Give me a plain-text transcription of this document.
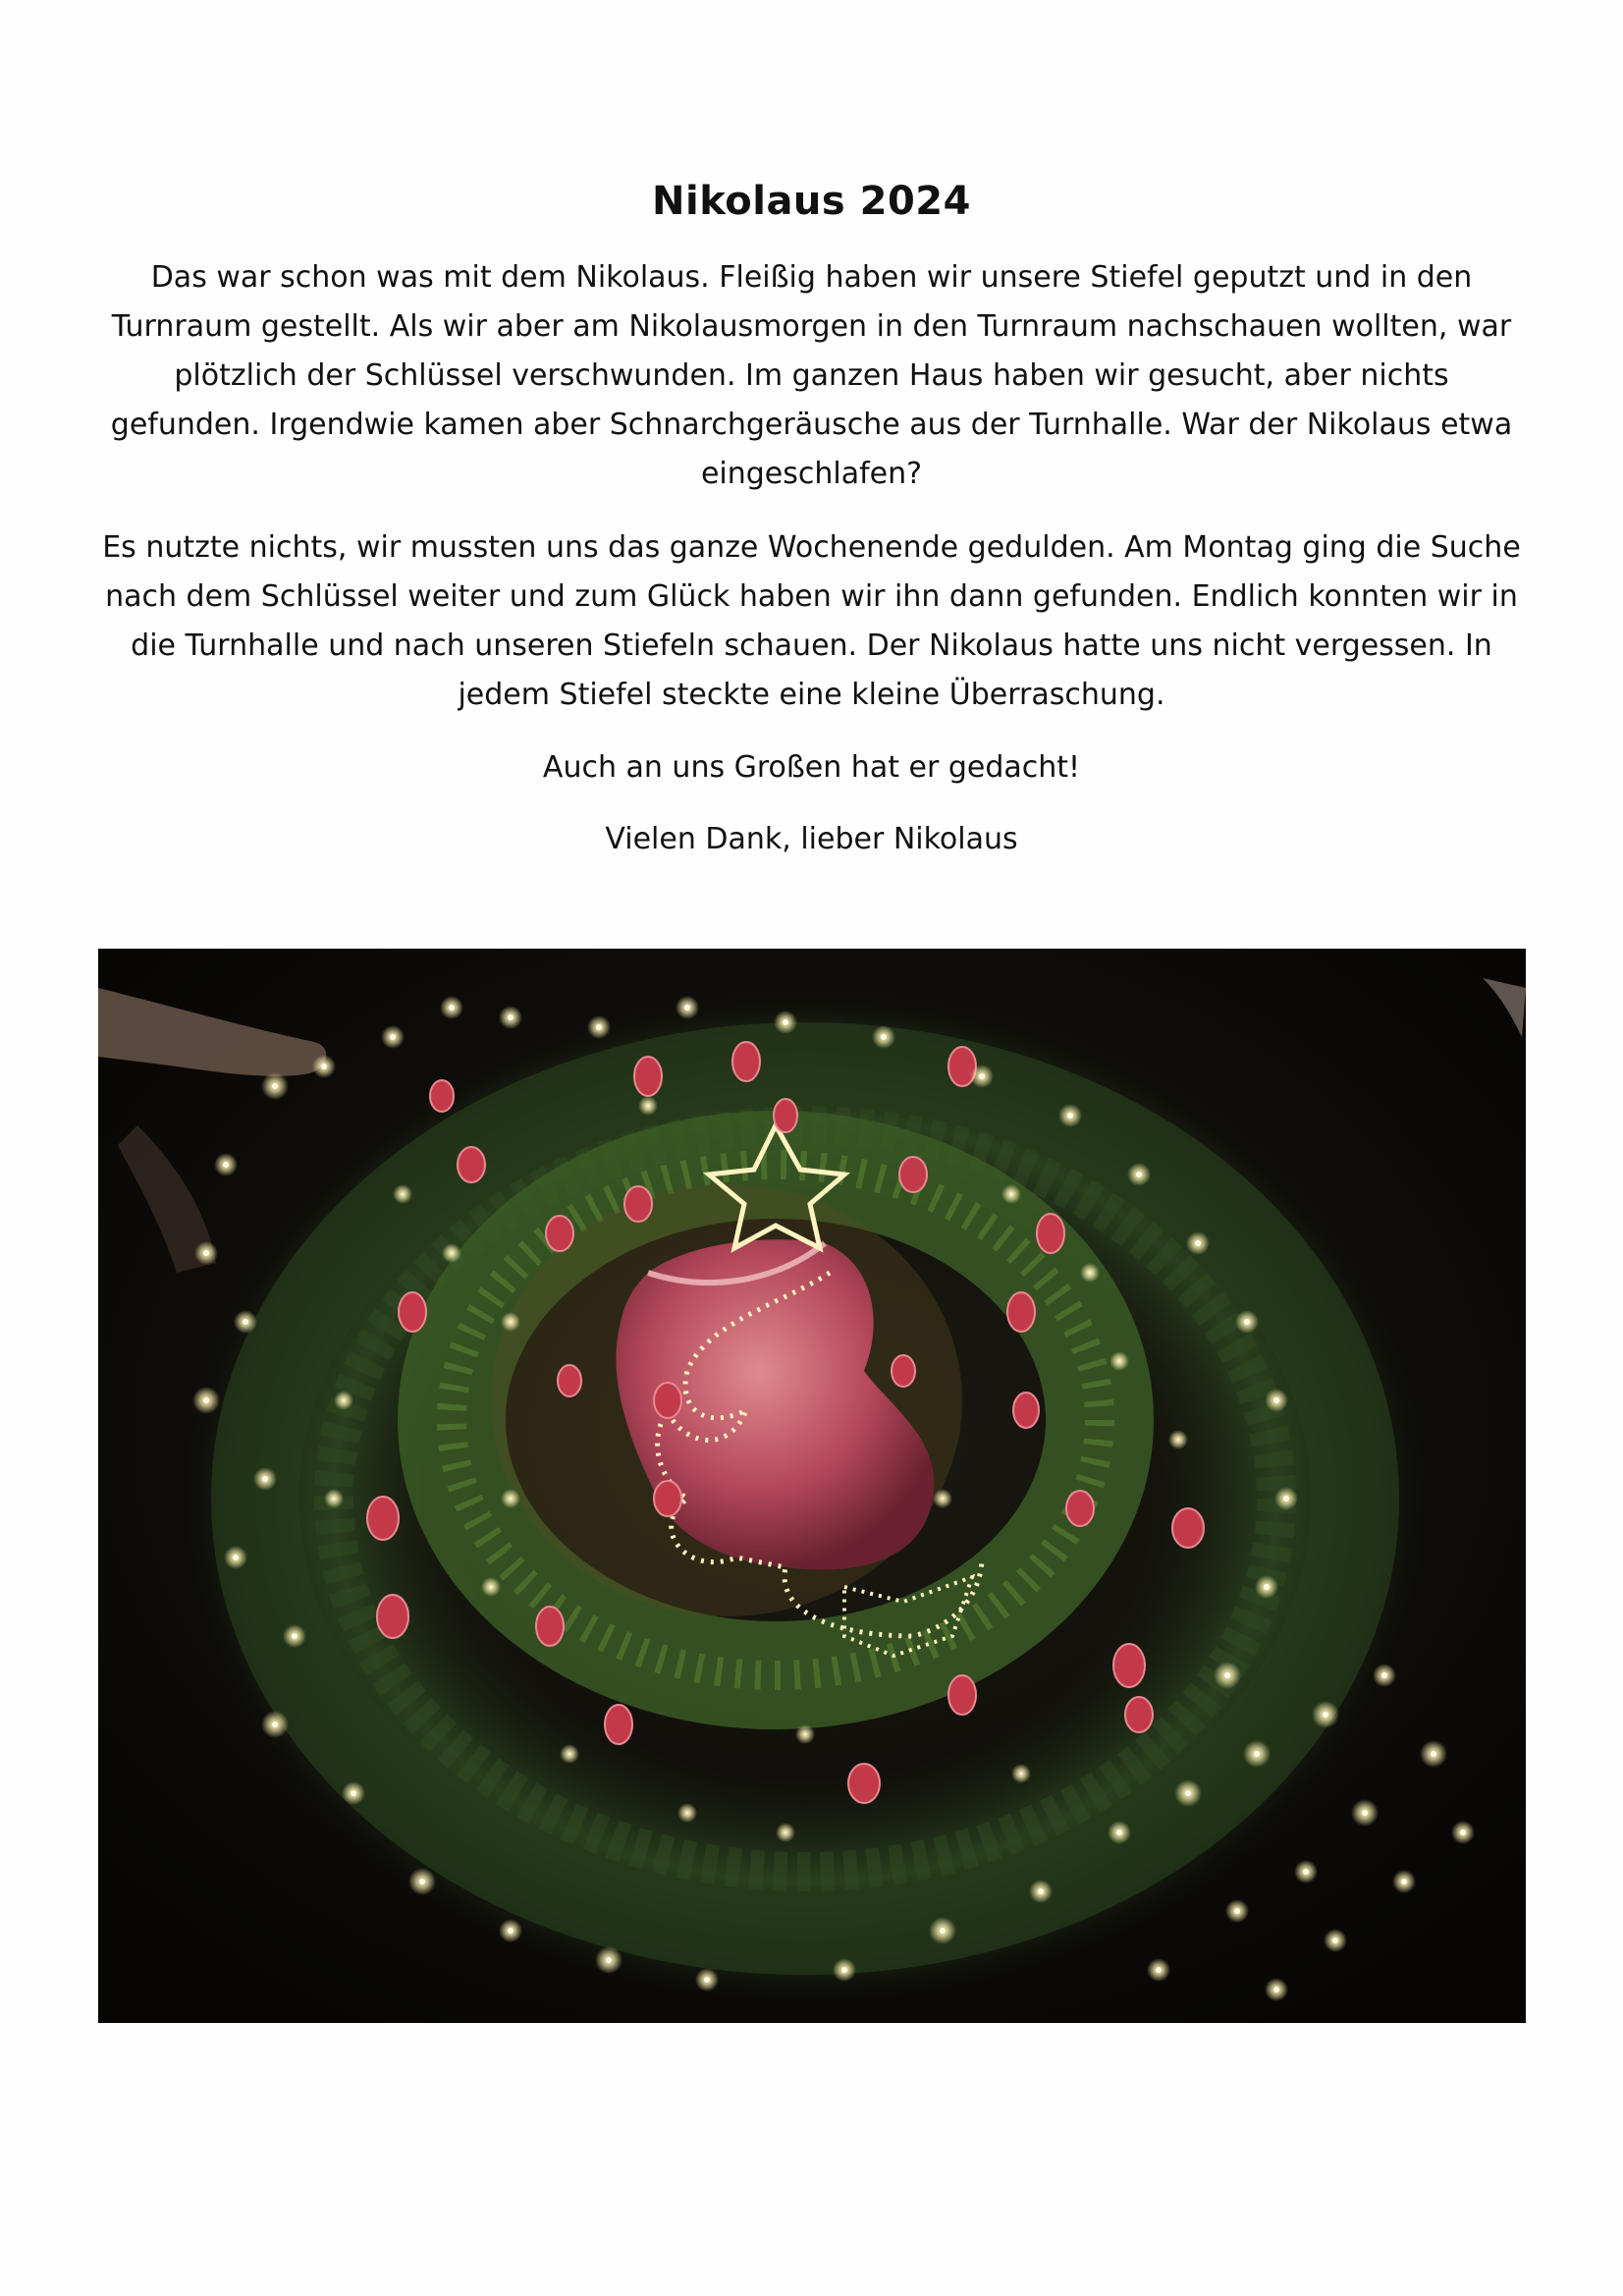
Nikolaus 2024

Das war schon was mit dem Nikolaus. Fleißig haben wir unsere Stiefel geputzt und in den Turnraum gestellt. Als wir aber am Nikolausmorgen in den Turnraum nachschauen wollten, war plötzlich der Schlüssel verschwunden. Im ganzen Haus haben wir gesucht, aber nichts gefunden. Irgendwie kamen aber Schnarchgeräusche aus der Turnhalle. War der Nikolaus etwa eingeschlafen?

Es nutzte nichts, wir mussten uns das ganze Wochenende gedulden. Am Montag ging die Suche nach dem Schlüssel weiter und zum Glück haben wir ihn dann gefunden. Endlich konnten wir in die Turnhalle und nach unseren Stiefeln schauen. Der Nikolaus hatte uns nicht vergessen. In jedem Stiefel steckte eine kleine Überraschung.

Auch an uns Großen hat er gedacht!

Vielen Dank, lieber Nikolaus
